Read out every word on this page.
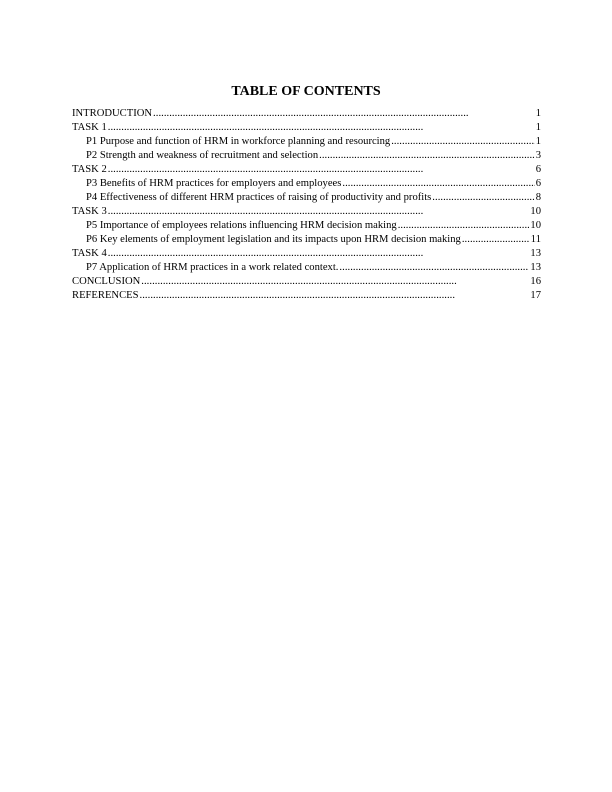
TABLE OF CONTENTS
INTRODUCTION . . .	1
TASK 1 . . .	1
P1 Purpose and function of HRM in workforce planning and resourcing . . .	1
P2 Strength and weakness of recruitment and selection . . .	3
TASK 2 . . .	6
P3 Benefits of HRM practices for employers and employees . . .	6
P4 Effectiveness of different HRM practices of raising of productivity and profits . . .	8
TASK 3 . . .	10
P5 Importance of employees relations influencing HRM decision making . . .	10
P6 Key elements of employment legislation and its impacts upon HRM decision making . . .	11
TASK 4 . . .	13
P7 Application of HRM practices in a work related context. . . .	13
CONCLUSION . . .	16
REFERENCES . . .	17
